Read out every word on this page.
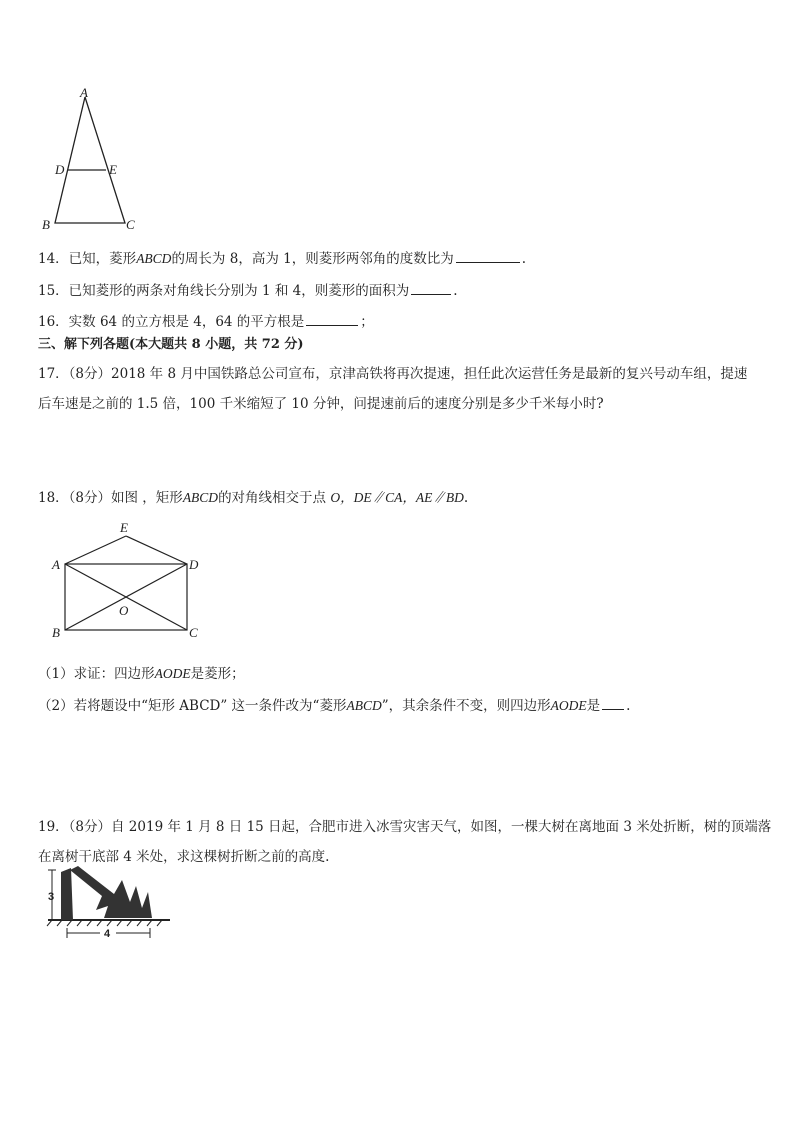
A
D	E
B	C
14．已知，菱形ABCD的周长为 8，高为 1，则菱形两邻角的度数比为	.
15．已知菱形的两条对角线长分别为 1 和 4，则菱形的面积为	.
16．实数 64 的立方根是 4，64 的平方根是	；
三、解下列各题(本大题共 8 小题，共 72 分)
17．（8分）2018 年 8 月中国铁路总公司宣布，京津高铁将再次提速，担任此次运营任务是最新的复兴号动车组，提速
后车速是之前的 1.5 倍，100 千米缩短了 10 分钟，问提速前后的速度分别是多少千米每小时?
18．（8分）如图 ，矩形ABCD的对角线相交于点 O，DE∥CA，AE∥BD.
E
A	D
O
B	C
（1）求证：四边形AODE是菱形；
（2）若将题设中“矩形 ABCD” 这一条件改为“菱形ABCD”，其余条件不变，则四边形AODE是 .
19．（8分）自 2019 年 1 月 8 日 15 日起，合肥市进入冰雪灾害天气，如图，一棵大树在离地面 3 米处折断，树的顶端落
在离树干底部 4 米处，求这棵树折断之前的高度.
3
4
